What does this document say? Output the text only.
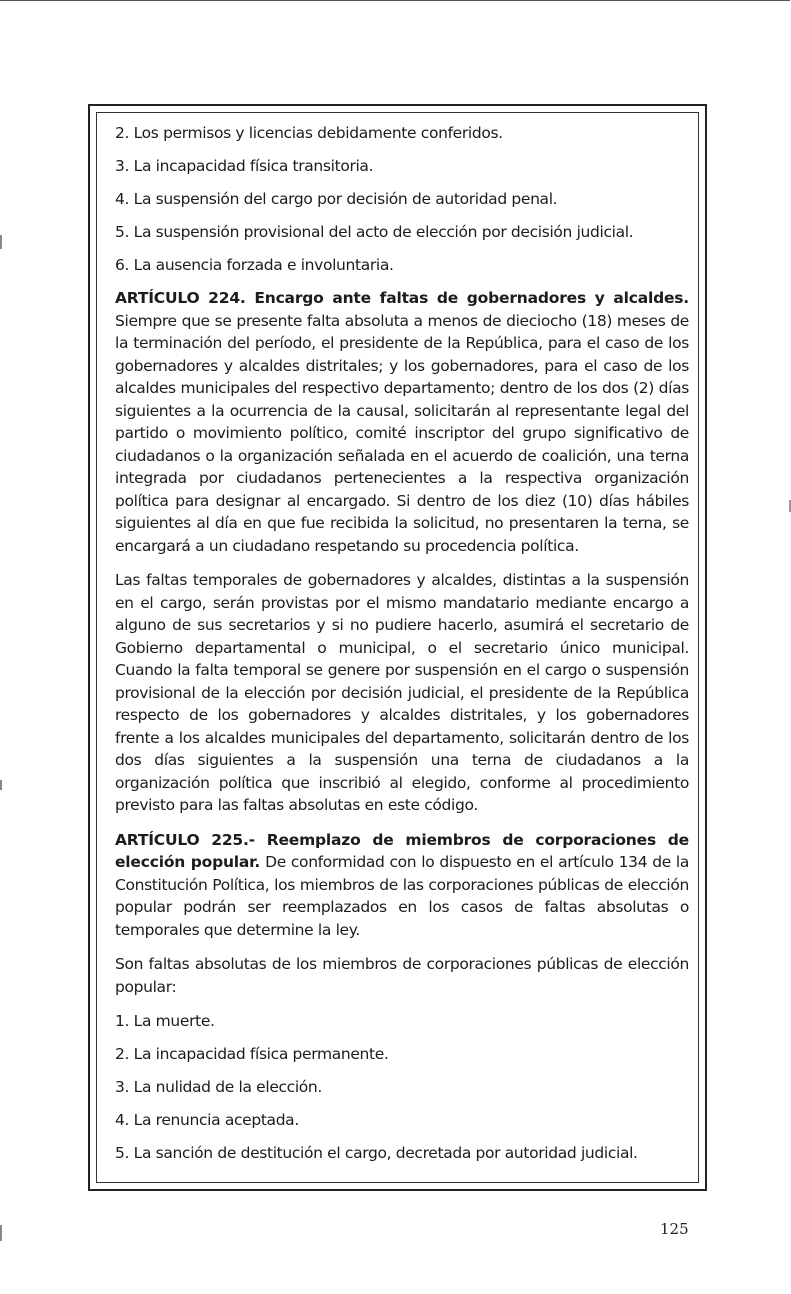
2. Los permisos y licencias debidamente conferidos.
3. La incapacidad física transitoria.
4. La suspensión del cargo por decisión de autoridad penal.
5. La suspensión provisional del acto de elección por decisión judicial.
6. La ausencia forzada e involuntaria.
ARTÍCULO 224. Encargo ante faltas de gobernadores y alcaldes. Siempre que se presente falta absoluta a menos de dieciocho (18) meses de la terminación del período, el presidente de la República, para el caso de los gobernadores y alcaldes distritales; y los gobernadores, para el caso de los alcaldes municipales del respectivo departamento; dentro de los dos (2) días siguientes a la ocurrencia de la causal, solicitarán al representante legal del partido o movimiento político, comité inscriptor del grupo significativo de ciudadanos o la organización señalada en el acuerdo de coalición, una terna integrada por ciudadanos pertenecientes a la respectiva organización política para designar al encargado. Si dentro de los diez (10) días hábiles siguientes al día en que fue recibida la solicitud, no presentaren la terna, se encargará a un ciudadano respetando su procedencia política.
Las faltas temporales de gobernadores y alcaldes, distintas a la suspensión en el cargo, serán provistas por el mismo mandatario mediante encargo a alguno de sus secretarios y si no pudiere hacerlo, asumirá el secretario de Gobierno departamental o municipal, o el secretario único municipal. Cuando la falta temporal se genere por suspensión en el cargo o suspensión provisional de la elección por decisión judicial, el presidente de la República respecto de los gobernadores y alcaldes distritales, y los gobernadores frente a los alcaldes municipales del departamento, solicitarán dentro de los dos días siguientes a la suspensión una terna de ciudadanos a la organización política que inscribió al elegido, conforme al procedimiento previsto para las faltas absolutas en este código.
ARTÍCULO 225.- Reemplazo de miembros de corporaciones de elección popular. De conformidad con lo dispuesto en el artículo 134 de la Constitución Política, los miembros de las corporaciones públicas de elección popular podrán ser reemplazados en los casos de faltas absolutas o temporales que determine la ley.
Son faltas absolutas de los miembros de corporaciones públicas de elección popular:
1. La muerte.
2. La incapacidad física permanente.
3. La nulidad de la elección.
4. La renuncia aceptada.
5. La sanción de destitución el cargo, decretada por autoridad judicial.
125
